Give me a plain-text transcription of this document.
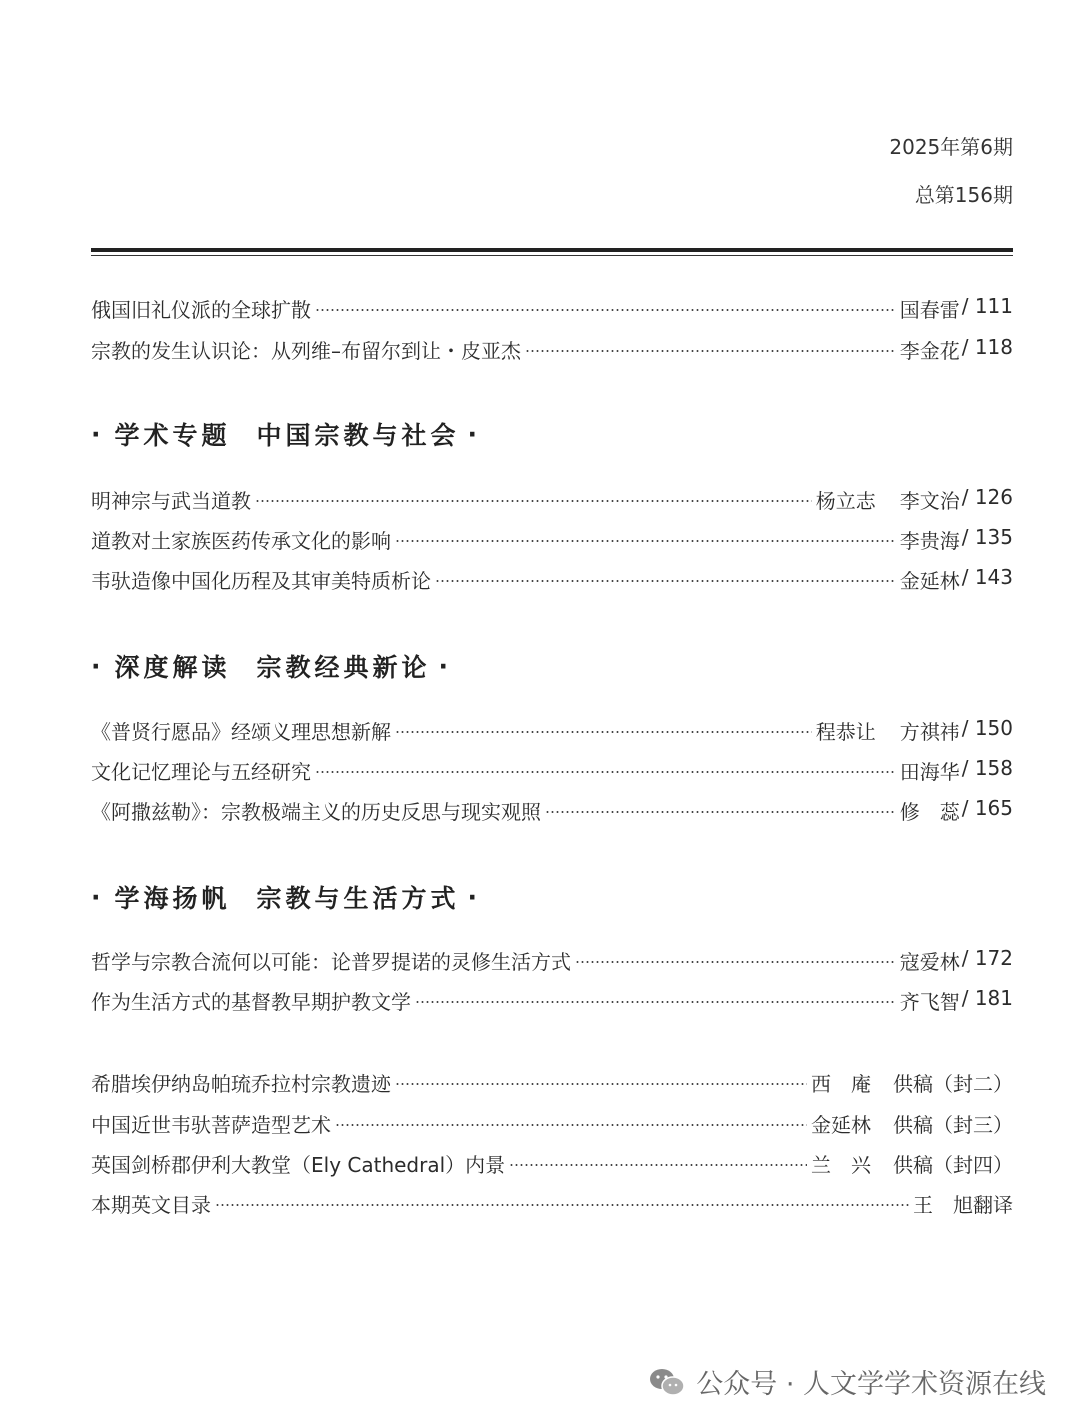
2025年第6期
总第156期
俄国旧礼仪派的全球扩散	国春雷 / 111
宗教的发生认识论：从列维–布留尔到让・皮亚杰	李金花 / 118
· 学术专题 中国宗教与社会 ·
明神宗与武当道教	杨立志 李文治 / 126
道教对土家族医药传承文化的影响	李贵海 / 135
韦驮造像中国化历程及其审美特质析论	金延林 / 143
· 深度解读 宗教经典新论 ·
《普贤行愿品》经颂义理思想新解	程恭让 方祺祎 / 150
文化记忆理论与五经研究	田海华 / 158
《阿撒兹勒》：宗教极端主义的历史反思与现实观照	修　蕊 / 165
· 学海扬帆 宗教与生活方式 ·
哲学与宗教合流何以可能：论普罗提诺的灵修生活方式	寇爱林 / 172
作为生活方式的基督教早期护教文学	齐飞智 / 181
希腊埃伊纳岛帕琉乔拉村宗教遗迹	西　庵 供稿（封二）
中国近世韦驮菩萨造型艺术	金延林 供稿（封三）
英国剑桥郡伊利大教堂（Ely Cathedral）内景	兰　兴 供稿（封四）
本期英文目录	王　旭翻译
公众号 · 人文学学术资源在线
